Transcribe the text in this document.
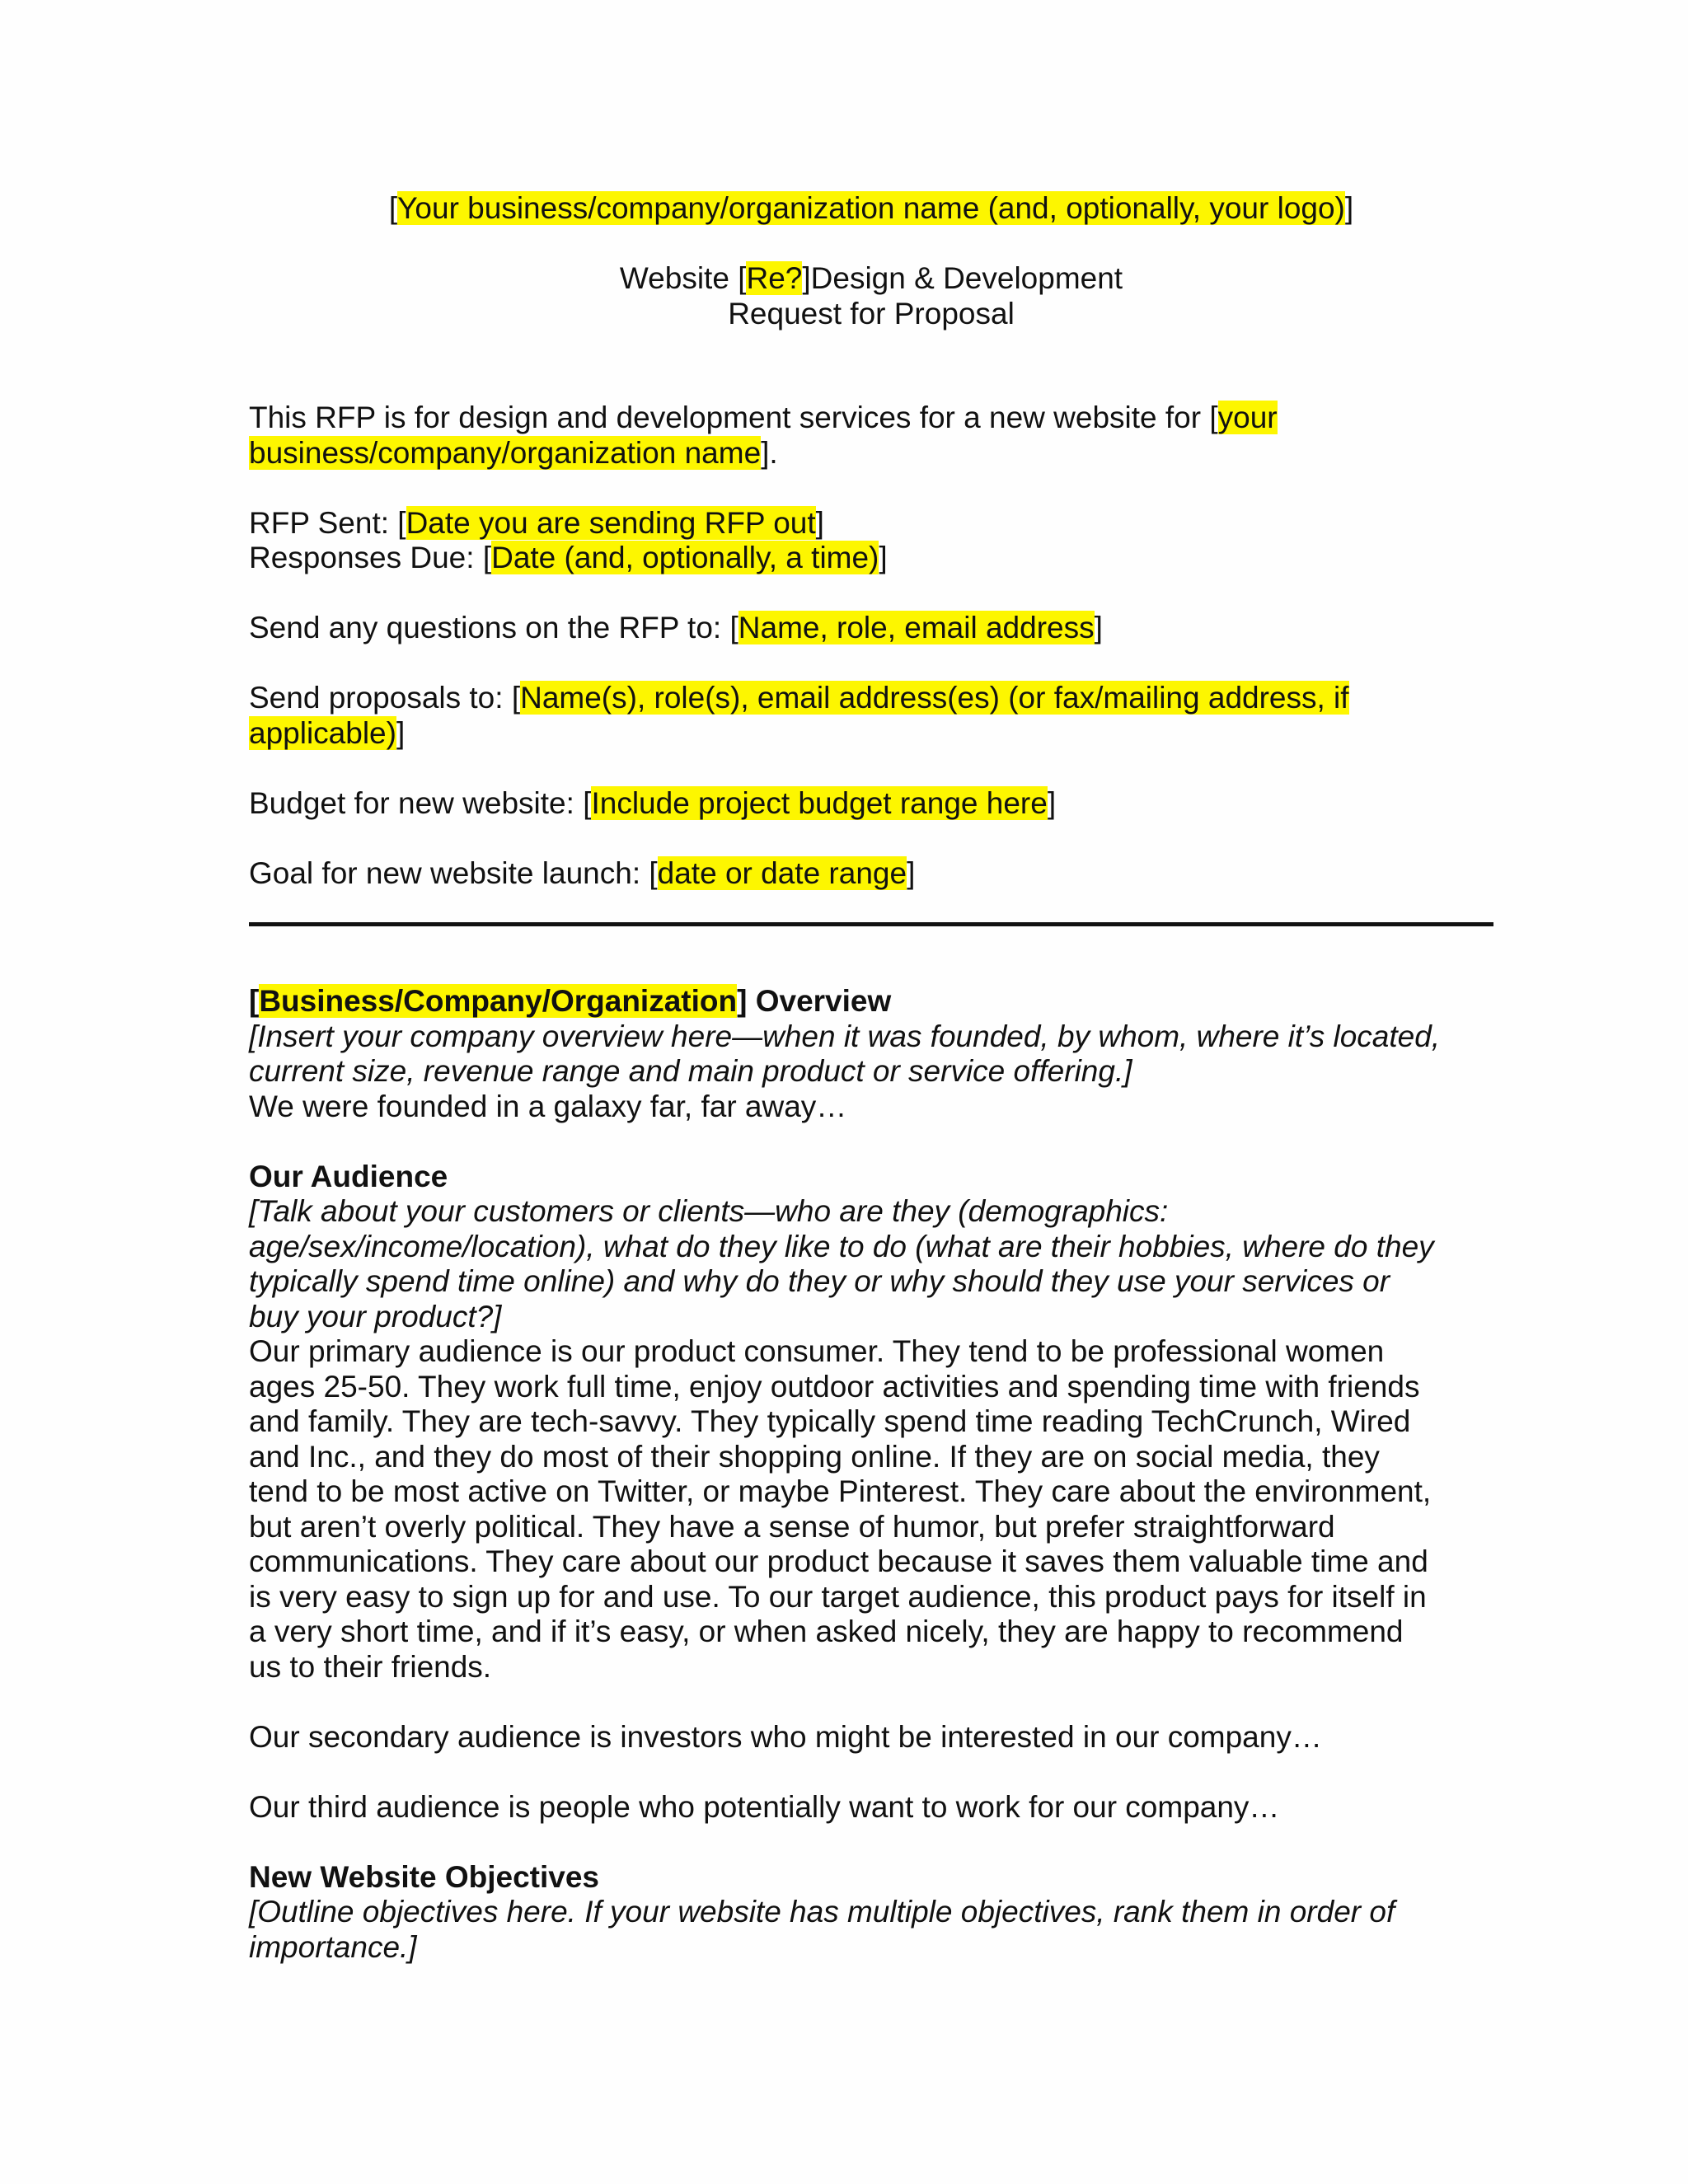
[Your business/company/organization name (and, optionally, your logo)]

Website [Re?]Design & Development

Request for Proposal

This RFP is for design and development services for a new website for [your
business/company/organization name].

RFP Sent: [Date you are sending RFP out]

Responses Due: [Date (and, optionally, a time)]

Send any questions on the RFP to: [Name, role, email address]

Send proposals to: [Name(s), role(s), email address(es) (or fax/mailing address, if
applicable)]

Budget for new website: [Include project budget range here]

Goal for new website launch: [date or date range]

[Business/Company/Organization] Overview

[Insert your company overview here—when it was founded, by whom, where it’s located,
current size, revenue range and main product or service offering.]

We were founded in a galaxy far, far away…

Our Audience

[Talk about your customers or clients—who are they (demographics:
age/sex/income/location), what do they like to do (what are their hobbies, where do they
typically spend time online) and why do they or why should they use your services or
buy your product?]

Our primary audience is our product consumer. They tend to be professional women
ages 25-50. They work full time, enjoy outdoor activities and spending time with friends
and family. They are tech-savvy. They typically spend time reading TechCrunch, Wired
and Inc., and they do most of their shopping online. If they are on social media, they
tend to be most active on Twitter, or maybe Pinterest. They care about the environment,
but aren’t overly political. They have a sense of humor, but prefer straightforward
communications. They care about our product because it saves them valuable time and
is very easy to sign up for and use. To our target audience, this product pays for itself in
a very short time, and if it’s easy, or when asked nicely, they are happy to recommend
us to their friends.

Our secondary audience is investors who might be interested in our company…

Our third audience is people who potentially want to work for our company…

New Website Objectives

[Outline objectives here. If your website has multiple objectives, rank them in order of
importance.]
